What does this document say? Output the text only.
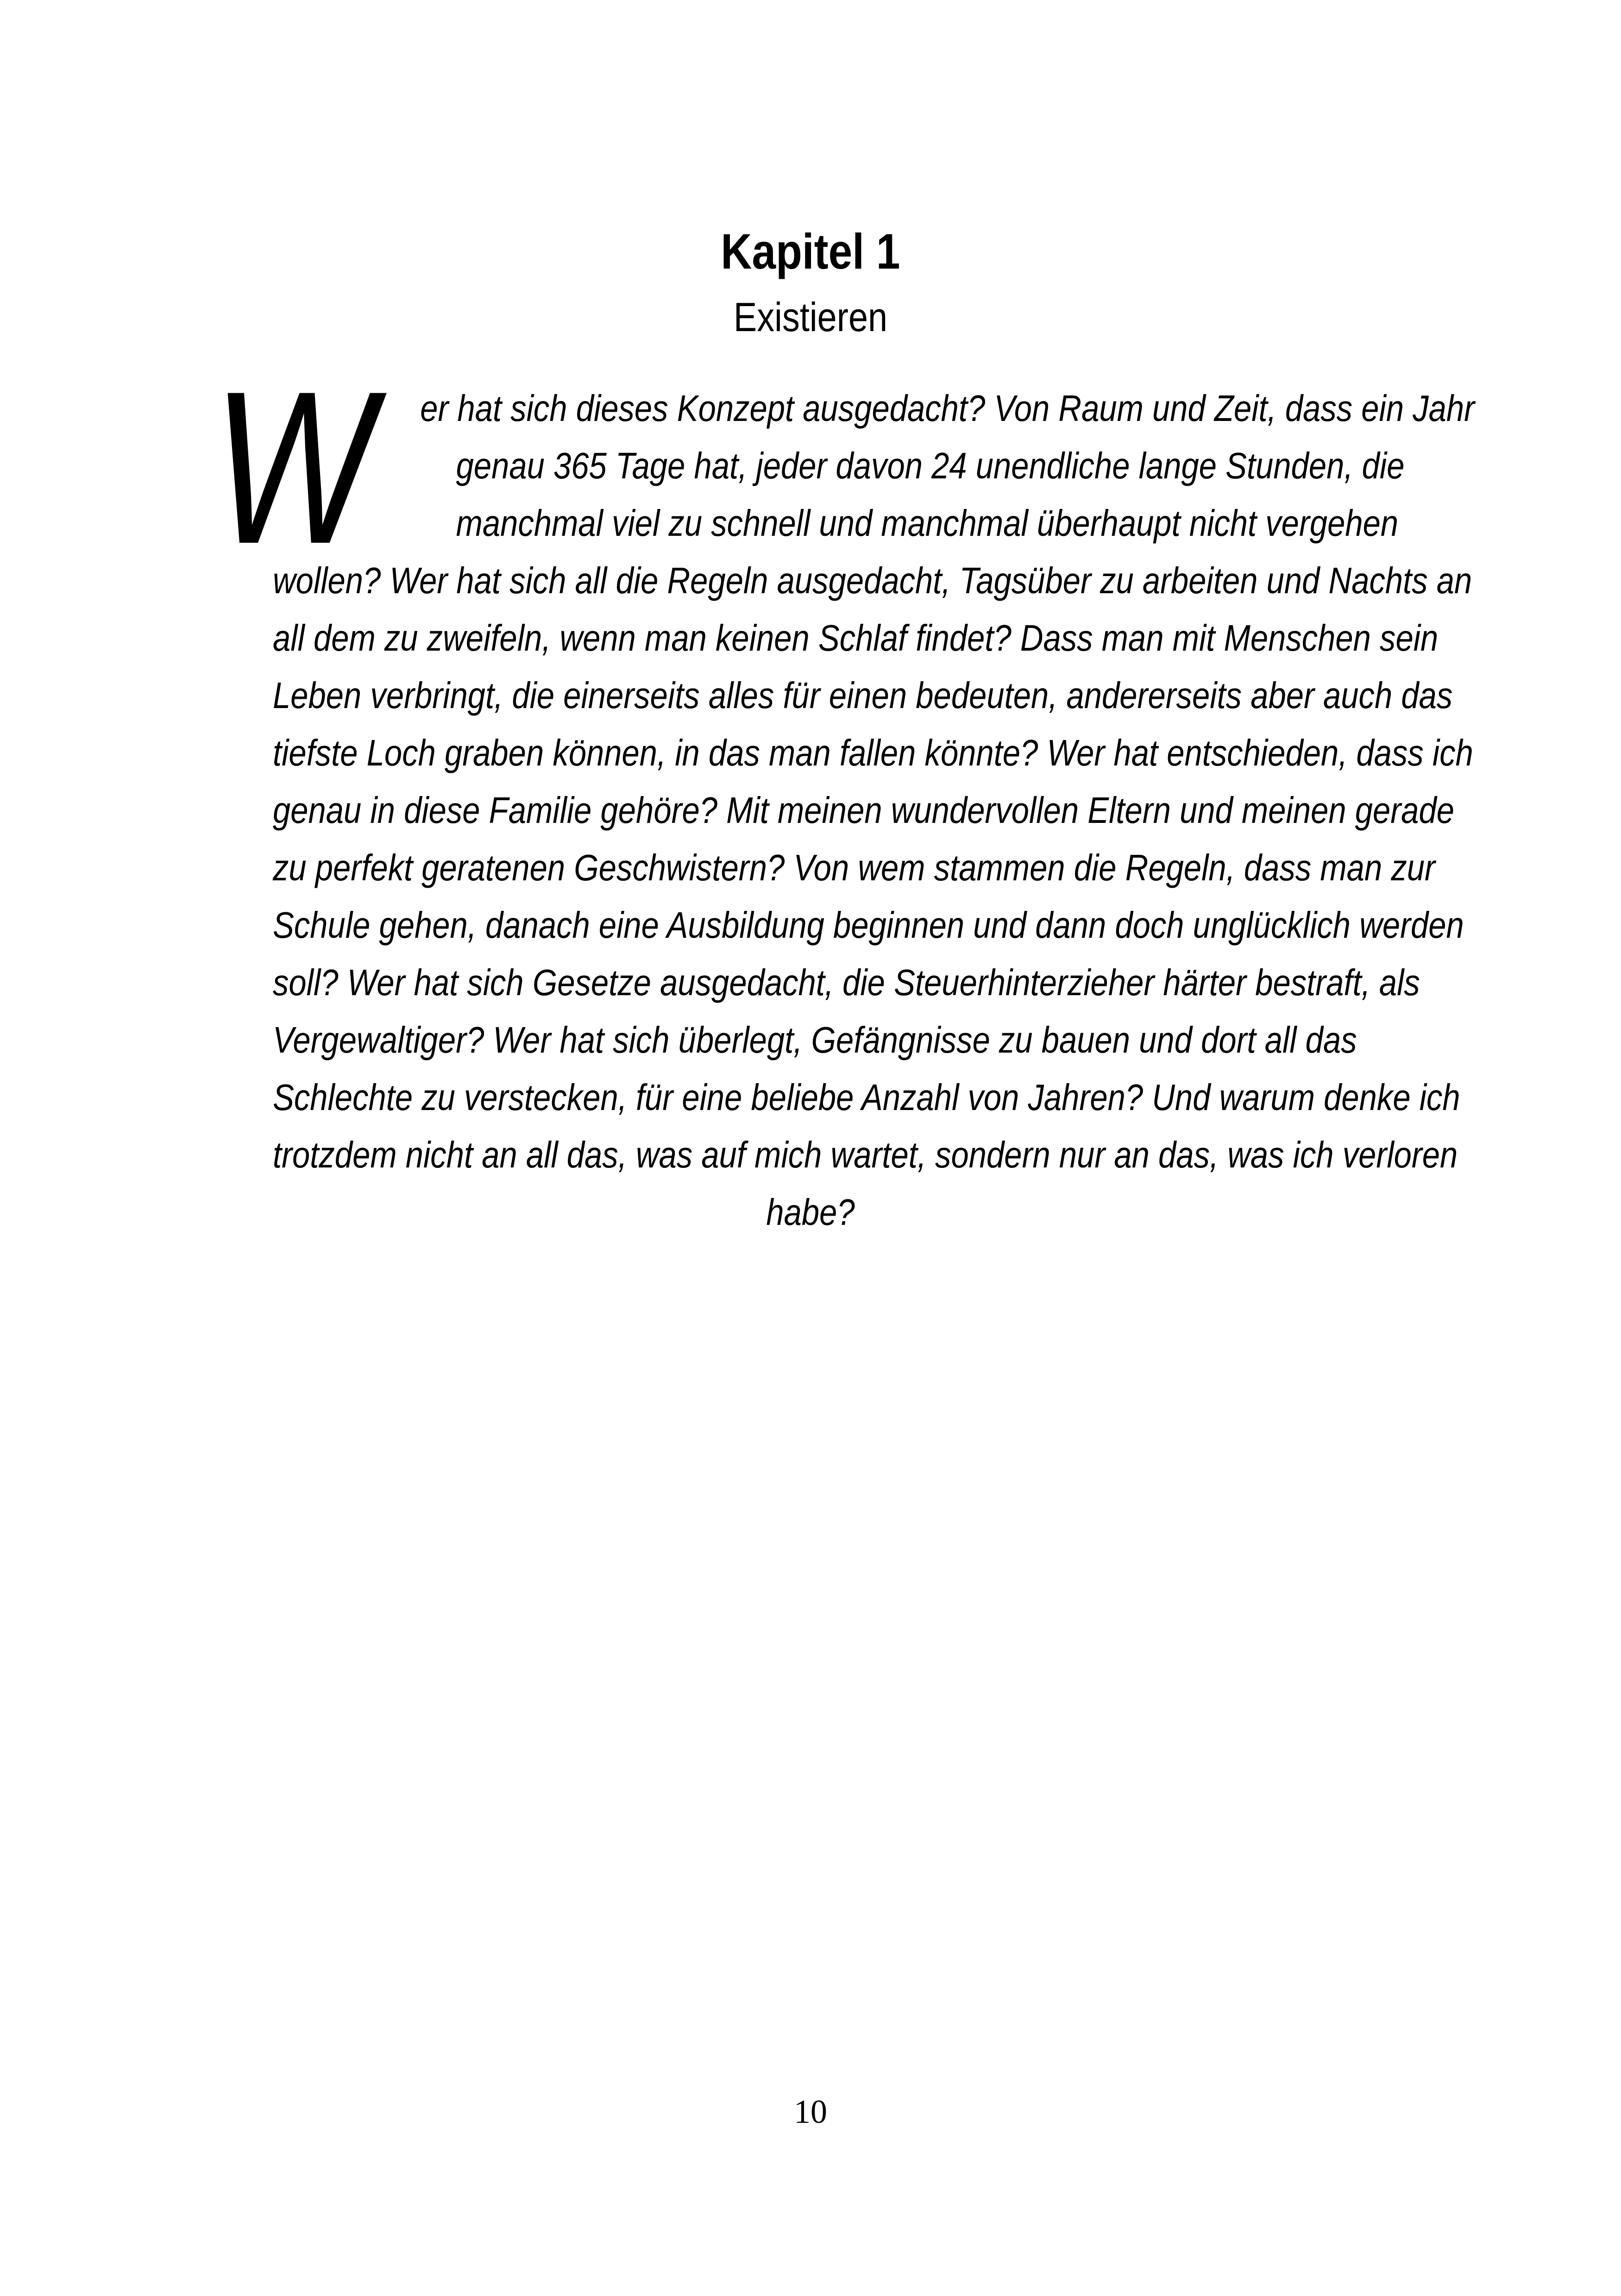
Kapitel 1
Existieren
W	er hat sich dieses Konzept ausgedacht? Von Raum und Zeit, dass ein Jahr
genau 365 Tage hat, jeder davon 24 unendliche lange Stunden, die
manchmal viel zu schnell und manchmal überhaupt nicht vergehen
wollen? Wer hat sich all die Regeln ausgedacht, Tagsüber zu arbeiten und Nachts an
all dem zu zweifeln, wenn man keinen Schlaf findet? Dass man mit Menschen sein
Leben verbringt, die einerseits alles für einen bedeuten, andererseits aber auch das
tiefste Loch graben können, in das man fallen könnte? Wer hat entschieden, dass ich
genau in diese Familie gehöre? Mit meinen wundervollen Eltern und meinen gerade
zu perfekt geratenen Geschwistern? Von wem stammen die Regeln, dass man zur
Schule gehen, danach eine Ausbildung beginnen und dann doch unglücklich werden
soll? Wer hat sich Gesetze ausgedacht, die Steuerhinterzieher härter bestraft, als
Vergewaltiger? Wer hat sich überlegt, Gefängnisse zu bauen und dort all das
Schlechte zu verstecken, für eine beliebe Anzahl von Jahren? Und warum denke ich
trotzdem nicht an all das, was auf mich wartet, sondern nur an das, was ich verloren
habe?
10
